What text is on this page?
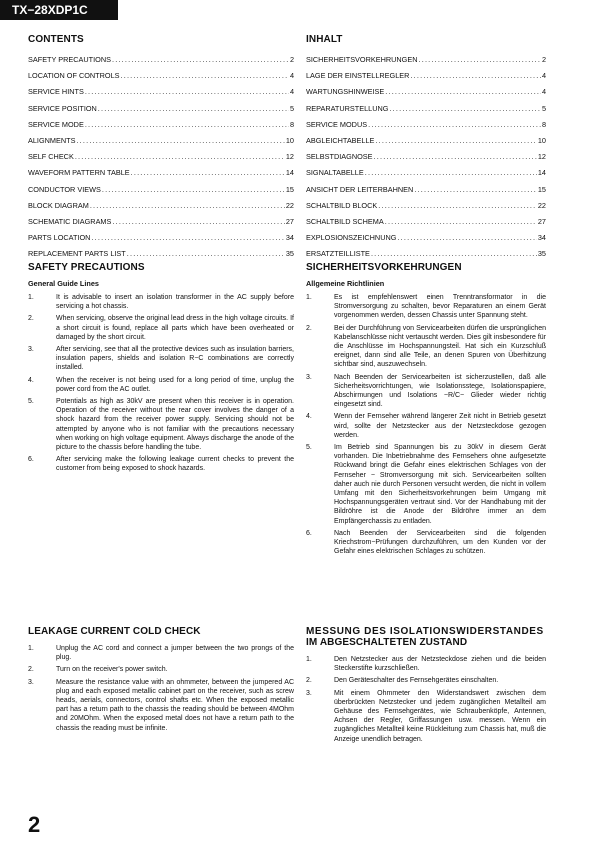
TX−28XDP1C
CONTENTS
SAFETY PRECAUTIONS .....	2
LOCATION OF CONTROLS .....	4
SERVICE HINTS .....	4
SERVICE POSITION .....	5
SERVICE MODE .....	8
ALIGNMENTS .....	10
SELF CHECK .....	12
WAVEFORM PATTERN TABLE .....	14
CONDUCTOR VIEWS .....	15
BLOCK DIAGRAM .....	22
SCHEMATIC DIAGRAMS .....	27
PARTS LOCATION .....	34
REPLACEMENT PARTS LIST .....	35
SAFETY PRECAUTIONS
General Guide Lines
1.	It is advisable to insert an isolation transformer in the AC supply before servicing a hot chassis.
2.	When servicing, observe the original lead dress in the high voltage circuits. If a short circuit is found, replace all parts which have been overheated or damaged by the short circuit.
3.	After servicing, see that all the protective devices such as insulation barriers, insulation papers, shields and isolation R−C combinations are correctly installed.
4.	When the receiver is not being used for a long period of time, unplug the power cord from the AC outlet.
5.	Potentials as high as 30kV are present when this receiver is in operation. Operation of the receiver without the rear cover involves the danger of a shock hazard from the receiver power supply. Servicing should not be attempted by anyone who is not familiar with the precautions necessary when working on high voltage equipment. Always discharge the anode of the picture to the chassis before handling the tube.
6.	After servicing make the following leakage current checks to prevent the customer from being exposed to shock hazards.
LEAKAGE CURRENT COLD CHECK
1.	Unplug the AC cord and connect a jumper between the two prongs of the plug.
2.	Turn on the receiver's power switch.
3.	Measure the resistance value with an ohmmeter, between the jumpered AC plug and each exposed metallic cabinet part on the receiver, such as screw heads, aerials, connectors, control shafts etc. When the exposed metallic part has a return path to the chassis the reading should be between 4MOhm and 20MOhm. When the exposed metal does not have a return path to the chassis the reading must be infinite.
INHALT
SICHERHEITSVORKEHRUNGEN .....	2
LAGE DER EINSTELLREGLER .....	4
WARTUNGSHINWEISE .....	4
REPARATURSTELLUNG .....	5
SERVICE MODUS .....	8
ABGLEICHTABELLE .....	10
SELBSTDIAGNOSE .....	12
SIGNALTABELLE .....	14
ANSICHT DER LEITERBAHNEN .....	15
SCHALTBILD BLOCK .....	22
SCHALTBILD SCHEMA .....	27
EXPLOSIONSZEICHNUNG .....	34
ERSATZTEILLISTE .....	35
SICHERHEITSVORKEHRUNGEN
Allgemeine Richtlinien
1.	Es ist empfehlenswert einen Trenntransformator in die Stromversorgung zu schalten, bevor Reparaturen an einem Gerät vorgenommen werden, dessen Chassis unter Spannung steht.
2.	Bei der Durchführung von Servicearbeiten dürfen die ursprünglichen Kabelanschlüsse nicht vertauscht werden. Dies gilt insbesondere für die Anschlüsse im Hochspannungsteil. Hat sich ein Kurzschluß ereignet, dann sind alle Teile, an denen Spuren von Überhitzung sichtbar sind, auszuwechseln.
3.	Nach Beenden der Servicearbeiten ist sicherzustellen, daß alle Sicherheitsvorrichtungen, wie Isolationsstege, Isolationspapiere, Abschirmungen und Isolations −R/C− Glieder wieder richtig eingesetzt sind.
4.	Wenn der Fernseher während längerer Zeit nicht in Betrieb gesetzt wird, sollte der Netzstecker aus der Netzsteckdose gezogen werden.
5.	Im Betrieb sind Spannungen bis zu 30kV in diesem Gerät vorhanden. Die Inbetriebnahme des Fernsehers ohne aufgesetzte Rückwand bringt die Gefahr eines elektrischen Schlages von der Fernseher − Stromversorgung mit sich. Servicearbeiten sollten daher auch nie durch Personen versucht werden, die nicht in vollem Umfang mit den Sicherheitsvorkehrungen beim Umgang mit Hochspannungsgeräten vertraut sind. Vor der Handhabung mit der Bildröhre ist die Anode der Bildröhre immer an dem Empfängerchassis zu entladen.
6.	Nach Beenden der Servicearbeiten sind die folgenden Kriechstrom−Prüfungen durchzuführen, um den Kunden vor der Gefahr eines elektrischen Schlages zu schützen.
MESSUNG DES ISOLATIONSWIDERSTANDES
IM ABGESCHALTETEN ZUSTAND
1.	Den Netzstecker aus der Netzsteckdose ziehen und die beiden Steckerstifte kurzschließen.
2.	Den Geräteschalter des Fernsehgerätes einschalten.
3.	Mit einem Ohmmeter den Widerstandswert zwischen dem überbrückten Netzstecker und jedem zugänglichen Metallteil am Gehäuse des Fernsehgerätes, wie Schraubenköpfe, Antennen, Achsen der Regler, Griffassungen usw. messen. Wenn ein zugängliches Metallteil keine Rückleitung zum Chassis hat, muß die Anzeige unendlich betragen.
2
